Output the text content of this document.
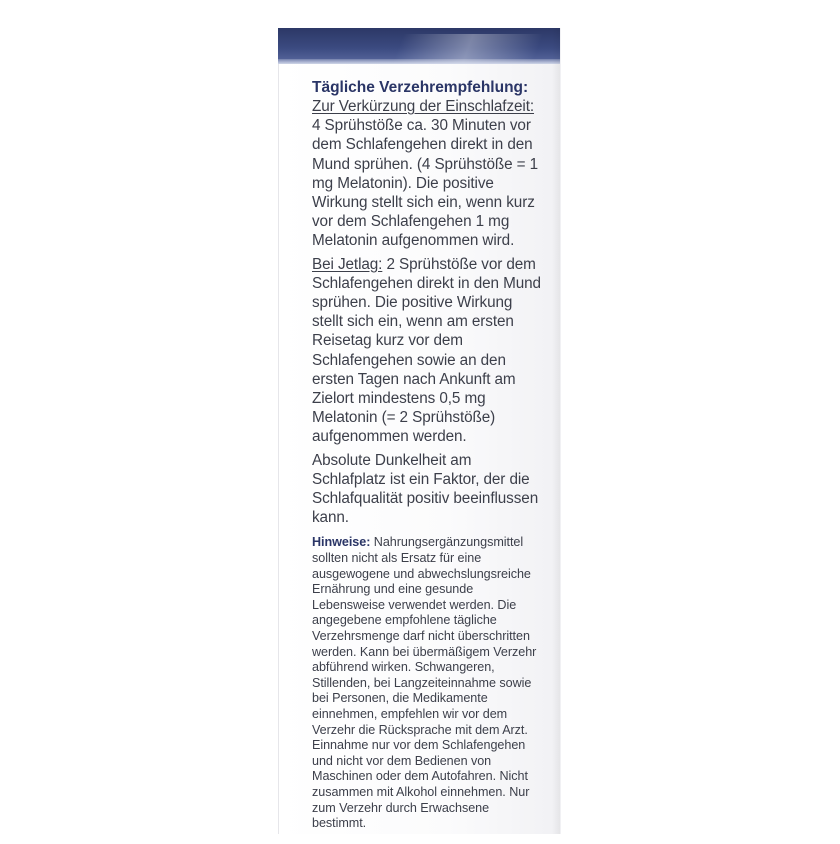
Tägliche Verzehrempfehlung:

Zur Verkürzung der Einschlafzeit: 4 Sprühstöße ca. 30 Minuten vor dem Schlafengehen direkt in den Mund sprühen. (4 Sprühstöße = 1 mg Melatonin). Die positive Wirkung stellt sich ein, wenn kurz vor dem Schlafengehen 1 mg Melatonin aufgenommen wird.

Bei Jetlag: 2 Sprühstöße vor dem Schlafengehen direkt in den Mund sprühen. Die positive Wirkung stellt sich ein, wenn am ersten Reisetag kurz vor dem Schlafengehen sowie an den ersten Tagen nach Ankunft am Zielort mindestens 0,5 mg Melatonin (= 2 Sprühstöße) aufgenommen werden.

Absolute Dunkelheit am Schlafplatz ist ein Faktor, der die Schlafqualität positiv beeinflussen kann.

Hinweise: Nahrungsergänzungsmittel sollten nicht als Ersatz für eine ausgewogene und abwechslungsreiche Ernährung und eine gesunde Lebensweise verwendet werden. Die angegebene empfohlene tägliche Verzehrsmenge darf nicht überschritten werden. Kann bei übermäßigem Verzehr abführend wirken. Schwangeren, Stillenden, bei Langzeiteinnahme sowie bei Personen, die Medikamente einnehmen, empfehlen wir vor dem Verzehr die Rücksprache mit dem Arzt. Einnahme nur vor dem Schlafengehen und nicht vor dem Bedienen von Maschinen oder dem Autofahren. Nicht zusammen mit Alkohol einnehmen. Nur zum Verzehr durch Erwachsene bestimmt.
